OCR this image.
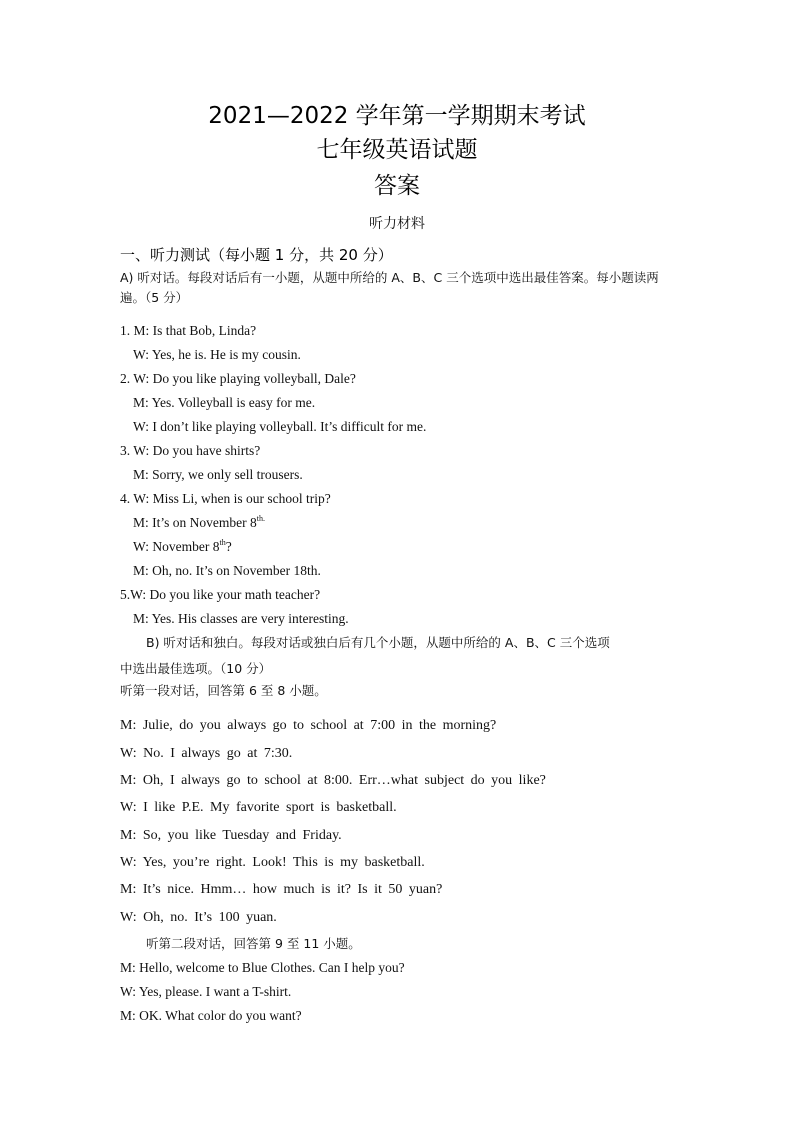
2021—2022 学年第一学期期末考试
七年级英语试题
答案
听力材料
一、听力测试（每小题 1 分，共 20 分）
A) 听对话。每段对话后有一小题，从题中所给的 A、B、C 三个选项中选出最佳答案。每小题读两遍。（5 分）
1. M: Is that Bob, Linda?
W: Yes, he is. He is my cousin.
2. W: Do you like playing volleyball, Dale?
M: Yes. Volleyball is easy for me.
W: I don’t like playing volleyball. It’s difficult for me.
3. W: Do you have shirts?
M: Sorry, we only sell trousers.
4. W: Miss Li, when is our school trip?
M: It’s on November $8^{th.}$
W: November 8th?
M: Oh, no. It’s on November 18th.
5.W: Do you like your math teacher?
M: Yes. His classes are very interesting.
B) 听对话和独白。每段对话或独白后有几个小题，从题中所给的 A、B、C 三个选项
中选出最佳选项。（10 分）
听第一段对话，回答第 6 至 8 小题。
M: Julie, do you always go to school at 7:00 in the morning?
W: No. I always go at 7:30.
M: Oh, I always go to school at 8:00. Err…what subject do you like?
W: I like P.E. My favorite sport is basketball.
M: So, you like Tuesday and Friday.
W: Yes, you’re right. Look! This is my basketball.
M: It’s nice. Hmm… how much is it? Is it 50 yuan?
W: Oh, no. It’s 100 yuan.
听第二段对话，回答第 9 至 11 小题。
M: Hello, welcome to Blue Clothes. Can I help you?
W: Yes, please. I want a T-shirt.
M: OK. What color do you want?
